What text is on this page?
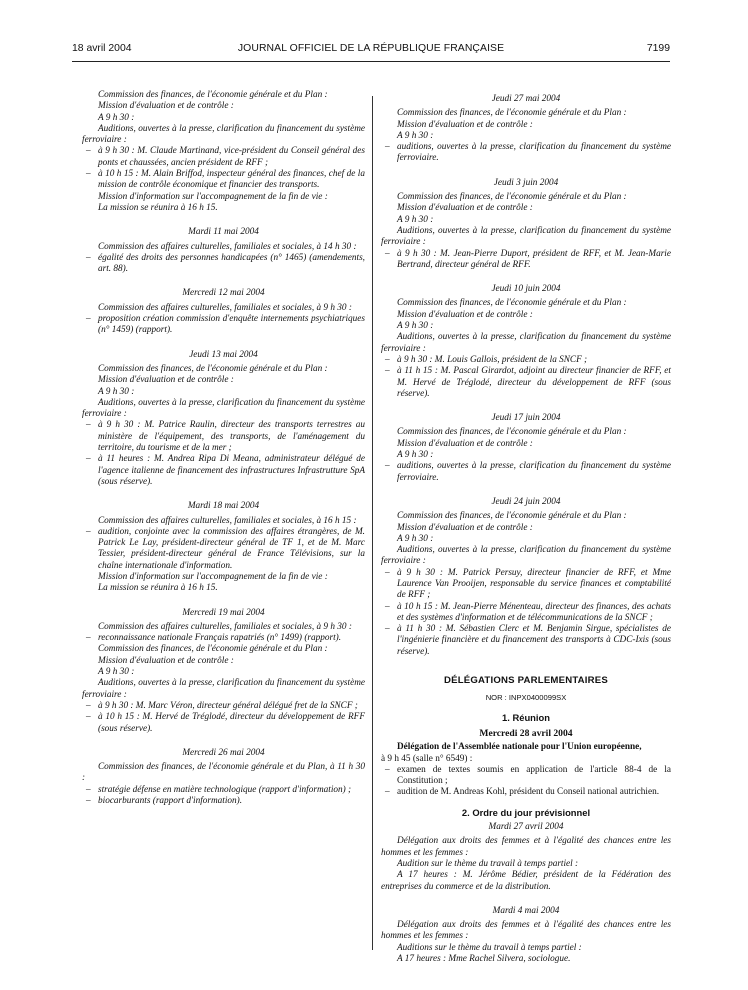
18 avril 2004	JOURNAL OFFICIEL DE LA RÉPUBLIQUE FRANÇAISE	7199
Commission des finances, de l'économie générale et du Plan :
Mission d'évaluation et de contrôle :
A 9 h 30 :
Auditions, ouvertes à la presse, clarification du financement du système ferroviaire :
– à 9 h 30 : M. Claude Martinand, vice-président du Conseil général des ponts et chaussées, ancien président de RFF ;
– à 10 h 15 : M. Alain Briffod, inspecteur général des finances, chef de la mission de contrôle économique et financier des transports.
Mission d'information sur l'accompagnement de la fin de vie :
La mission se réunira à 16 h 15.
Mardi 11 mai 2004
Commission des affaires culturelles, familiales et sociales, à 14 h 30 :
– égalité des droits des personnes handicapées (n° 1465) (amendements, art. 88).
Mercredi 12 mai 2004
Commission des affaires culturelles, familiales et sociales, à 9 h 30 :
– proposition création commission d'enquête internements psychiatriques (n° 1459) (rapport).
Jeudi 13 mai 2004
Commission des finances, de l'économie générale et du Plan :
Mission d'évaluation et de contrôle :
A 9 h 30 :
Auditions, ouvertes à la presse, clarification du financement du système ferroviaire :
– à 9 h 30 : M. Patrice Raulin, directeur des transports terrestres au ministère de l'équipement, des transports, de l'aménagement du territoire, du tourisme et de la mer ;
– à 11 heures : M. Andrea Ripa Di Meana, administrateur délégué de l'agence italienne de financement des infrastructures Infrastrutture SpA (sous réserve).
Mardi 18 mai 2004
Commission des affaires culturelles, familiales et sociales, à 16 h 15 :
– audition, conjointe avec la commission des affaires étrangères, de M. Patrick Le Lay, président-directeur général de TF 1, et de M. Marc Tessier, président-directeur général de France Télévisions, sur la chaîne internationale d'information.
Mission d'information sur l'accompagnement de la fin de vie :
La mission se réunira à 16 h 15.
Mercredi 19 mai 2004
Commission des affaires culturelles, familiales et sociales, à 9 h 30 :
– reconnaissance nationale Français rapatriés (n° 1499) (rapport).
Commission des finances, de l'économie générale et du Plan :
Mission d'évaluation et de contrôle :
A 9 h 30 :
Auditions, ouvertes à la presse, clarification du financement du système ferroviaire :
– à 9 h 30 : M. Marc Véron, directeur général délégué fret de la SNCF ;
– à 10 h 15 : M. Hervé de Tréglodé, directeur du développement de RFF (sous réserve).
Mercredi 26 mai 2004
Commission des finances, de l'économie générale et du Plan, à 11 h 30 :
– stratégie défense en matière technologique (rapport d'information) ;
– biocarburants (rapport d'information).
Jeudi 27 mai 2004
Commission des finances, de l'économie générale et du Plan :
Mission d'évaluation et de contrôle :
A 9 h 30 :
– auditions, ouvertes à la presse, clarification du financement du système ferroviaire.
Jeudi 3 juin 2004
Commission des finances, de l'économie générale et du Plan :
Mission d'évaluation et de contrôle :
A 9 h 30 :
Auditions, ouvertes à la presse, clarification du financement du système ferroviaire :
– à 9 h 30 : M. Jean-Pierre Duport, président de RFF, et M. Jean-Marie Bertrand, directeur général de RFF.
Jeudi 10 juin 2004
Commission des finances, de l'économie générale et du Plan :
Mission d'évaluation et de contrôle :
A 9 h 30 :
Auditions, ouvertes à la presse, clarification du financement du système ferroviaire :
– à 9 h 30 : M. Louis Gallois, président de la SNCF ;
– à 11 h 15 : M. Pascal Girardot, adjoint au directeur financier de RFF, et M. Hervé de Tréglodé, directeur du développement de RFF (sous réserve).
Jeudi 17 juin 2004
Commission des finances, de l'économie générale et du Plan :
Mission d'évaluation et de contrôle :
A 9 h 30 :
– auditions, ouvertes à la presse, clarification du financement du système ferroviaire.
Jeudi 24 juin 2004
Commission des finances, de l'économie générale et du Plan :
Mission d'évaluation et de contrôle :
A 9 h 30 :
Auditions, ouvertes à la presse, clarification du financement du système ferroviaire :
– à 9 h 30 : M. Patrick Persuy, directeur financier de RFF, et Mme Laurence Van Prooijen, responsable du service finances et comptabilité de RFF ;
– à 10 h 15 : M. Jean-Pierre Ménenteau, directeur des finances, des achats et des systèmes d'information et de télécommunications de la SNCF ;
– à 11 h 30 : M. Sébastien Clerc et M. Benjamin Sirgue, spécialistes de l'ingénierie financière et du financement des transports à CDC-Ixis (sous réserve).
DÉLÉGATIONS PARLEMENTAIRES
NOR : INPX0400099SX
1. Réunion
Mercredi 28 avril 2004
Délégation de l'Assemblée nationale pour l'Union européenne,
à 9 h 45 (salle n° 6549) :
– examen de textes soumis en application de l'article 88-4 de la Constitution ;
– audition de M. Andreas Kohl, président du Conseil national autrichien.
2. Ordre du jour prévisionnel
Mardi 27 avril 2004
Délégation aux droits des femmes et à l'égalité des chances entre les hommes et les femmes :
Audition sur le thème du travail à temps partiel :
A 17 heures : M. Jérôme Bédier, président de la Fédération des entreprises du commerce et de la distribution.
Mardi 4 mai 2004
Délégation aux droits des femmes et à l'égalité des chances entre les hommes et les femmes :
Auditions sur le thème du travail à temps partiel :
A 17 heures : Mme Rachel Silvera, sociologue.
